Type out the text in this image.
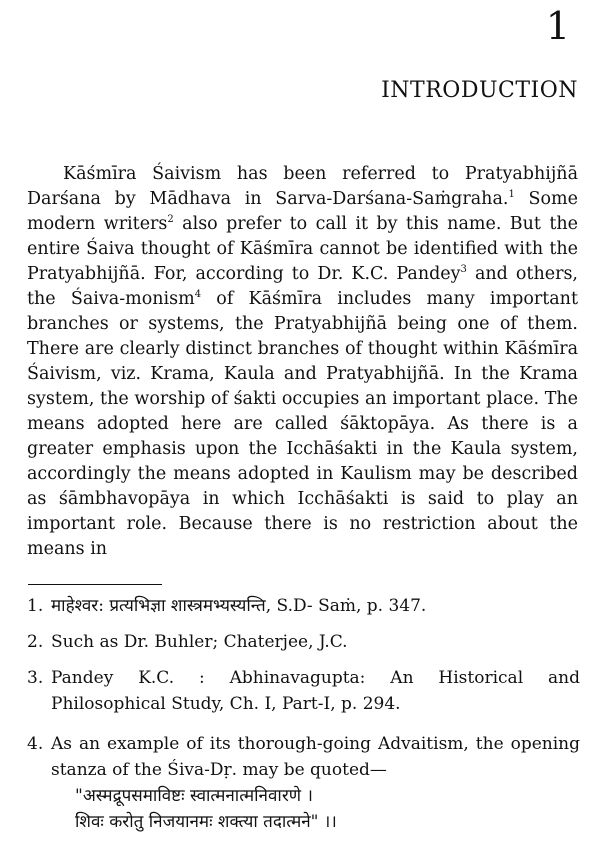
1
INTRODUCTION

Kāśmīra Śaivism has been referred to Pratyabhijñā Darśana by Mādhava in Sarva-Darśana-Saṁgraha.$^1$ Some modern writers$^2$ also prefer to call it by this name. But the entire Śaiva thought of Kāśmīra cannot be identified with the Pratyabhijñā. For, according to Dr. K.C. Pandey$^3$ and others, the Śaiva-monism$^4$ of Kāśmīra includes many important branches or systems, the Pratyabhijñā being one of them. There are clearly distinct branches of thought within Kāśmīra Śaivism, viz. Krama, Kaula and Pratyabhijñā. In the Krama system, the worship of śakti occupies an important place. The means adopted here are called śāktopāya. As there is a greater emphasis upon the Icchāśakti in the Kaula system, accordingly the means adopted in Kaulism may be described as śāmbhavopāya in which Icchāśakti is said to play an important role. Because there is no restriction about the means in

1. माहेश्वर: प्रत्यभिज्ञा शास्त्रमभ्यस्यन्ति, S.D- Saṁ, p. 347.
2. Such as Dr. Buhler; Chaterjee, J.C.
3. Pandey K.C. : Abhinavagupta: An Historical and Philosophical Study, Ch. I, Part-I, p. 294.
4. As an example of its thorough-going Advaitism, the opening stanza of the Śiva-Dṛ. may be quoted—
"अस्मद्रूपसमाविष्टः स्वात्मनात्मनिवारणे ।
शिवः करोतु निजयानमः शक्त्या तदात्मने" ।।
